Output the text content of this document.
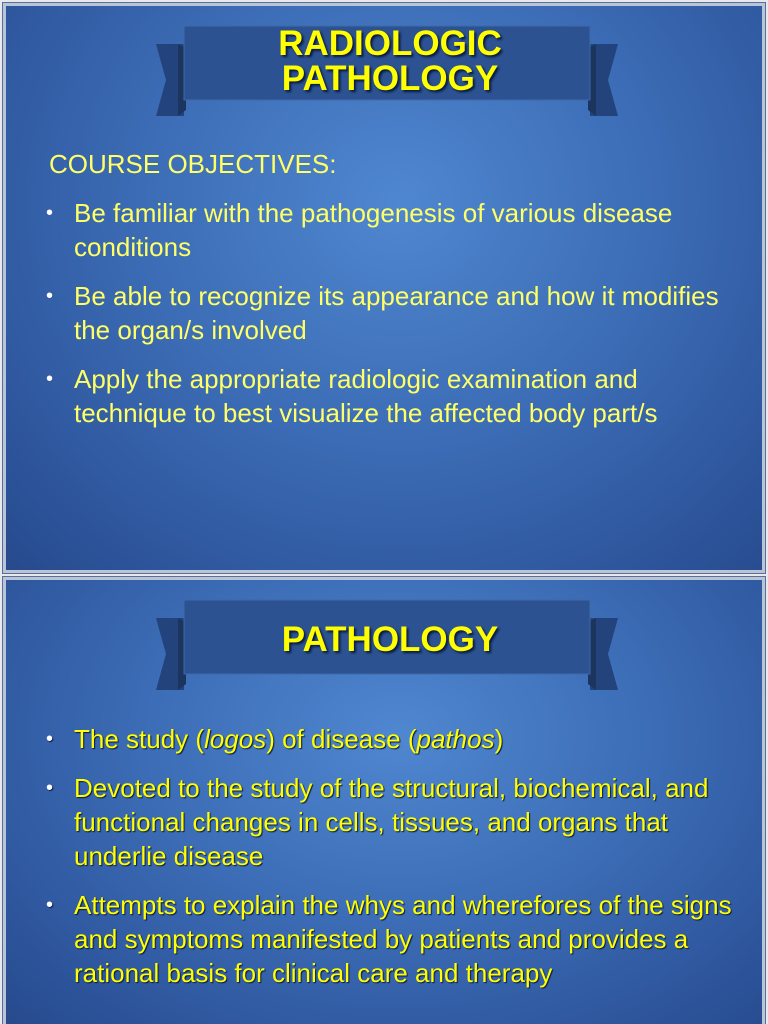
RADIOLOGIC
PATHOLOGY
COURSE OBJECTIVES:
• Be familiar with the pathogenesis of various disease conditions
• Be able to recognize its appearance and how it modifies the organ/s involved
• Apply the appropriate radiologic examination and technique to best visualize the affected body part/s
PATHOLOGY
• The study (logos) of disease (pathos)
• Devoted to the study of the structural, biochemical, and functional changes in cells, tissues, and organs that underlie disease
• Attempts to explain the whys and wherefores of the signs and symptoms manifested by patients and provides a rational basis for clinical care and therapy
